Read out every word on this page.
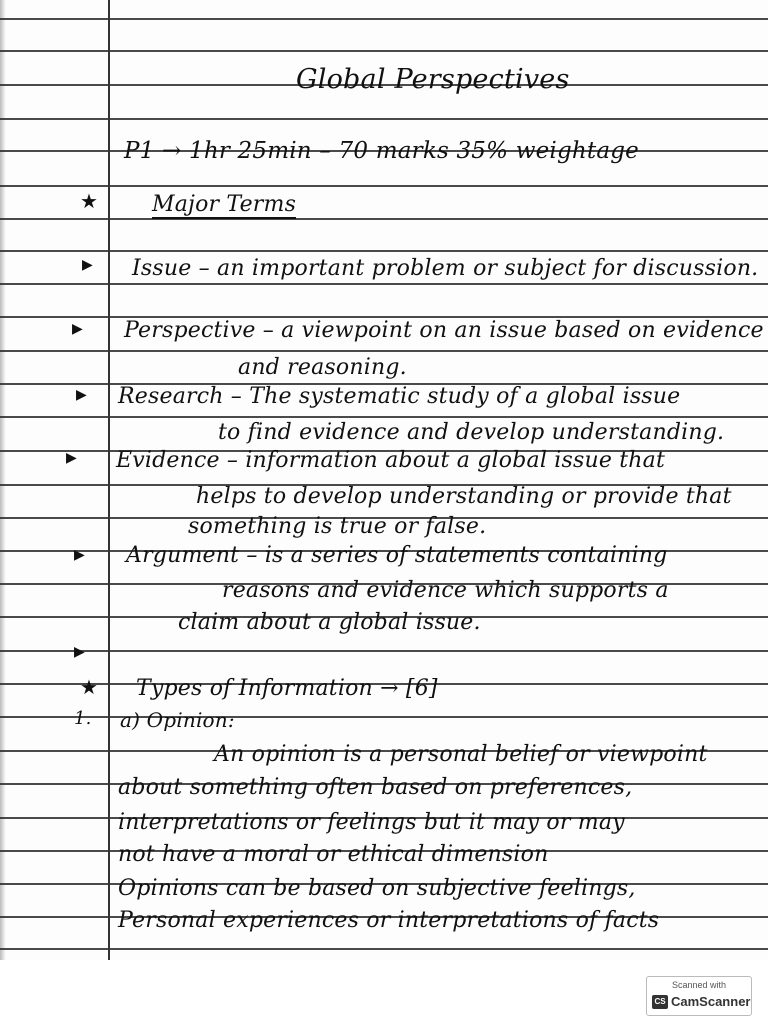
Global Perspectives
P1 → 1hr 25min – 70 marks 35% weightage
★ Major Terms
▶ Issue – an important problem or subject for discussion.
▶ Perspective – a viewpoint on an issue based on evidence
and reasoning.
▶ Research – The systematic study of a global issue
to find evidence and develop understanding.
▶ Evidence – information about a global issue that
helps to develop understanding or provide that
something is true or false.
▶ Argument – is a series of statements containing
reasons and evidence which supports a
claim about a global issue.
▶
★ Types of Information → [6]
1. a) Opinion:
An opinion is a personal belief or viewpoint
about something often based on preferences,
interpretations or feelings but it may or may
not have a moral or ethical dimension
Opinions can be based on subjective feelings,
Personal experiences or interpretations of facts
Scanned with
CS CamScanner
